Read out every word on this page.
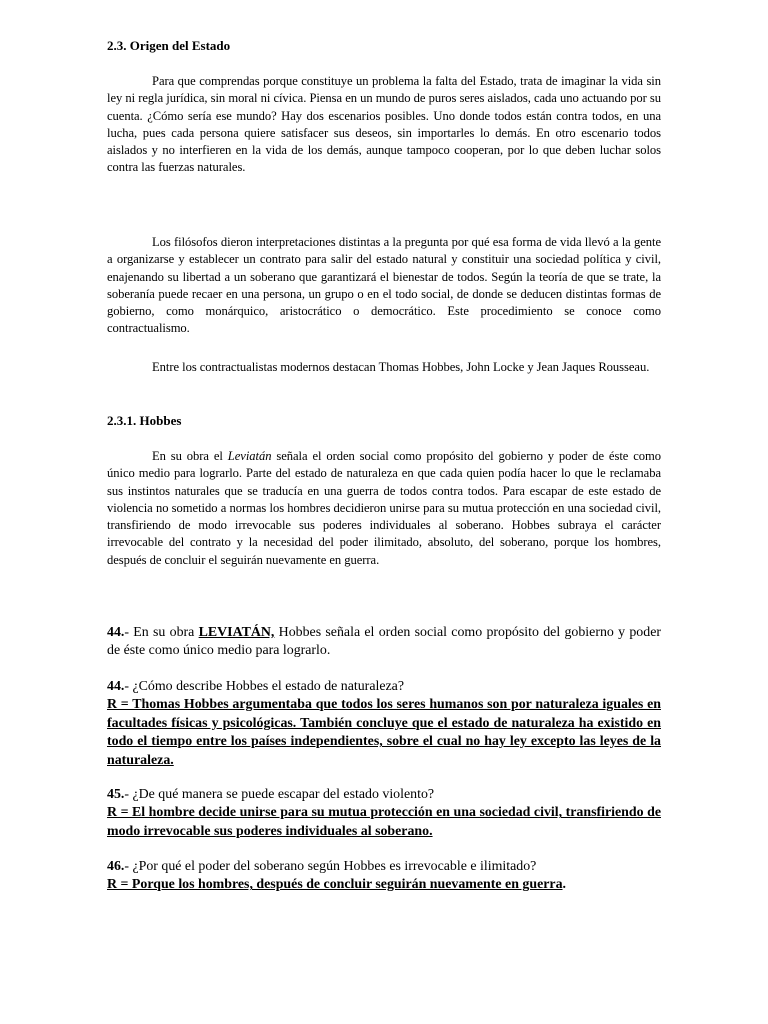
2.3. Origen del Estado

Para que comprendas porque constituye un problema la falta del Estado, trata de imaginar la vida sin ley ni regla jurídica, sin moral ni cívica. Piensa en un mundo de puros seres aislados, cada uno actuando por su cuenta. ¿Cómo sería ese mundo? Hay dos escenarios posibles. Uno donde todos están contra todos, en una lucha, pues cada persona quiere satisfacer sus deseos, sin importarles lo demás. En otro escenario todos aislados y no interfieren en la vida de los demás, aunque tampoco cooperan, por lo que deben luchar solos contra las fuerzas naturales.

Los filósofos dieron interpretaciones distintas a la pregunta por qué esa forma de vida llevó a la gente a organizarse y establecer un contrato para salir del estado natural y constituir una sociedad política y civil, enajenando su libertad a un soberano que garantizará el bienestar de todos. Según la teoría de que se trate, la soberanía puede recaer en una persona, un grupo o en el todo social, de donde se deducen distintas formas de gobierno, como monárquico, aristocrático o democrático. Este procedimiento se conoce como contractualismo.

Entre los contractualistas modernos destacan Thomas Hobbes, John Locke y Jean Jaques Rousseau.

2.3.1. Hobbes

En su obra el Leviatán señala el orden social como propósito del gobierno y poder de éste como único medio para lograrlo. Parte del estado de naturaleza en que cada quien podía hacer lo que le reclamaba sus instintos naturales que se traducía en una guerra de todos contra todos. Para escapar de este estado de violencia no sometido a normas los hombres decidieron unirse para su mutua protección en una sociedad civil, transfiriendo de modo irrevocable sus poderes individuales al soberano. Hobbes subraya el carácter irrevocable del contrato y la necesidad del poder ilimitado, absoluto, del soberano, porque los hombres, después de concluir el seguirán nuevamente en guerra.

44.- En su obra LEVIATÁN, Hobbes señala el orden social como propósito del gobierno y poder de éste como único medio para lograrlo.

44.- ¿Cómo describe Hobbes el estado de naturaleza?
R = Thomas Hobbes argumentaba que todos los seres humanos son por naturaleza iguales en facultades físicas y psicológicas. También concluye que el estado de naturaleza ha existido en todo el tiempo entre los países independientes, sobre el cual no hay ley excepto las leyes de la naturaleza.
45.- ¿De qué manera se puede escapar del estado violento?
R = El hombre decide unirse para su mutua protección en una sociedad civil, transfiriendo de modo irrevocable sus poderes individuales al soberano.
46.- ¿Por qué el poder del soberano según Hobbes es irrevocable e ilimitado?
R = Porque los hombres, después de concluir seguirán nuevamente en guerra.
